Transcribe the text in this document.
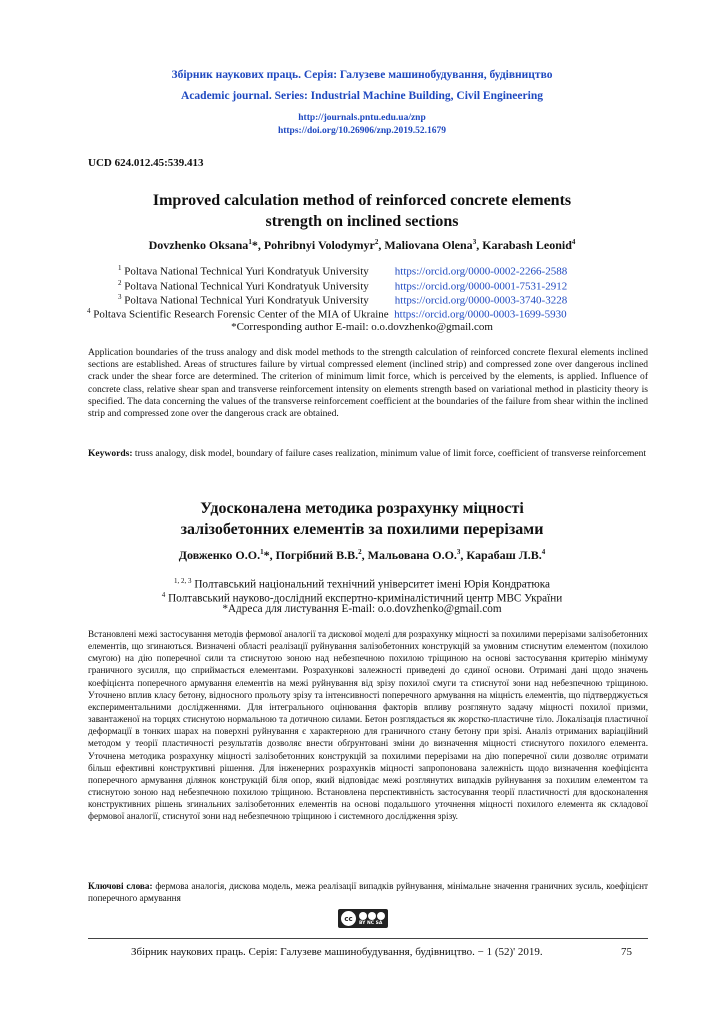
Збірник наукових праць. Серія: Галузеве машинобудування, будівництво
Academic journal. Series: Industrial Machine Building, Civil Engineering
http://journals.pntu.edu.ua/znp
https://doi.org/10.26906/znp.2019.52.1679
UCD 624.012.45:539.413
Improved calculation method of reinforced concrete elements
strength on inclined sections
Dovzhenko Oksana$^1$*, Pohribnyi Volodymyr$^2$, Maliovana Olena$^3$, Karabash Leonid$^4$
$^1$ Poltava National Technical Yuri Kondratyuk University https://orcid.org/0000-0002-2266-2588
$^2$ Poltava National Technical Yuri Kondratyuk University https://orcid.org/0000-0001-7531-2912
$^3$ Poltava National Technical Yuri Kondratyuk University https://orcid.org/0000-0003-3740-3228
$^4$ Poltava Scientific Research Forensic Center of the MIA of Ukraine https://orcid.org/0000-0003-1699-5930
*Corresponding author E-mail: o.o.dovzhenko@gmail.com
Application boundaries of the truss analogy and disk model methods to the strength calculation of reinforced concrete flexural elements inclined sections are established. Areas of structures failure by virtual compressed element (inclined strip) and compressed zone over dangerous inclined crack under the shear force are determined. The criterion of minimum limit force, which is perceived by the elements, is applied. Influence of concrete class, relative shear span and transverse reinforcement intensity on elements strength based on variational method in plasticity theory is specified. The data concerning the values of the transverse reinforcement coefficient at the boundaries of the failure from shear within the inclined strip and compressed zone over the dangerous crack are obtained.
Keywords: truss analogy, disk model, boundary of failure cases realization, minimum value of limit force, coefficient of transverse reinforcement
Удосконалена методика розрахунку міцності
залізобетонних елементів за похилими перерізами
Довженко О.О.$^1$*, Погрібний В.В.$^2$, Мальована О.О.$^3$, Карабаш Л.В.$^4$
$^{1, 2, 3}$ Полтавський національний технічний університет імені Юрія Кондратюка
$^4$ Полтавський науково-дослідний експертно-криміналістичний центр МВС України
*Адреса для листування E-mail: o.o.dovzhenko@gmail.com
Встановлені межі застосування методів фермової аналогії та дискової моделі для розрахунку міцності за похилими перерізами залізобетонних елементів, що згинаються. Визначені області реалізації руйнування залізобетонних конструкцій за умовним стиснутим елементом (похилою смугою) на дію поперечної сили та стиснутою зоною над небезпечною похилою тріщиною на основі застосування критерію мінімуму граничного зусилля, що сприймається елементами. Розрахункові залежності приведені до єдиної основи. Отримані дані щодо значень коефіцієнта поперечного армування елементів на межі руйнування від зрізу похилої смуги та стиснутої зони над небезпечною тріщиною. Уточнено вплив класу бетону, відносного прольоту зрізу та інтенсивності поперечного армування на міцність елементів, що підтверджується експериментальними дослідженнями. Для інтегрального оцінювання факторів впливу розглянуто задачу міцності похилої призми, завантаженої на торцях стиснутою нормальною та дотичною силами. Бетон розглядається як жорстко-пластичне тіло. Локалізація пластичної деформації в тонких шарах на поверхні руйнування є характерною для граничного стану бетону при зрізі. Аналіз отриманих варіаційний методом у теорії пластичності результатів дозволяє внести обґрунтовані зміни до визначення міцності стиснутого похилого елемента. Уточнена методика розрахунку міцності залізобетонних конструкцій за похилими перерізами на дію поперечної сили дозволяє отримати більш ефективні конструктивні рішення. Для інженерних розрахунків міцності запропонована залежність щодо визначення коефіцієнта поперечного армування ділянок конструкцій біля опор, який відповідає межі розглянутих випадків руйнування за похилим елементом та стиснутою зоною над небезпечною похилою тріщиною. Встановлена перспективність застосування теорії пластичності для вдосконалення конструктивних рішень згинальних залізобетонних елементів на основі подальшого уточнення міцності похилого елемента як складової фермової аналогії, стиснутої зони над небезпечною тріщиною і системного дослідження зрізу.
Ключові слова: фермова аналогія, дискова модель, межа реалізації випадків руйнування, мінімальне значення граничних зусиль, коефіцієнт поперечного армування
cc
BY NC SA
Збірник наукових праць. Серія: Галузеве машинобудування, будівництво. − 1 (52)' 2019.	75
